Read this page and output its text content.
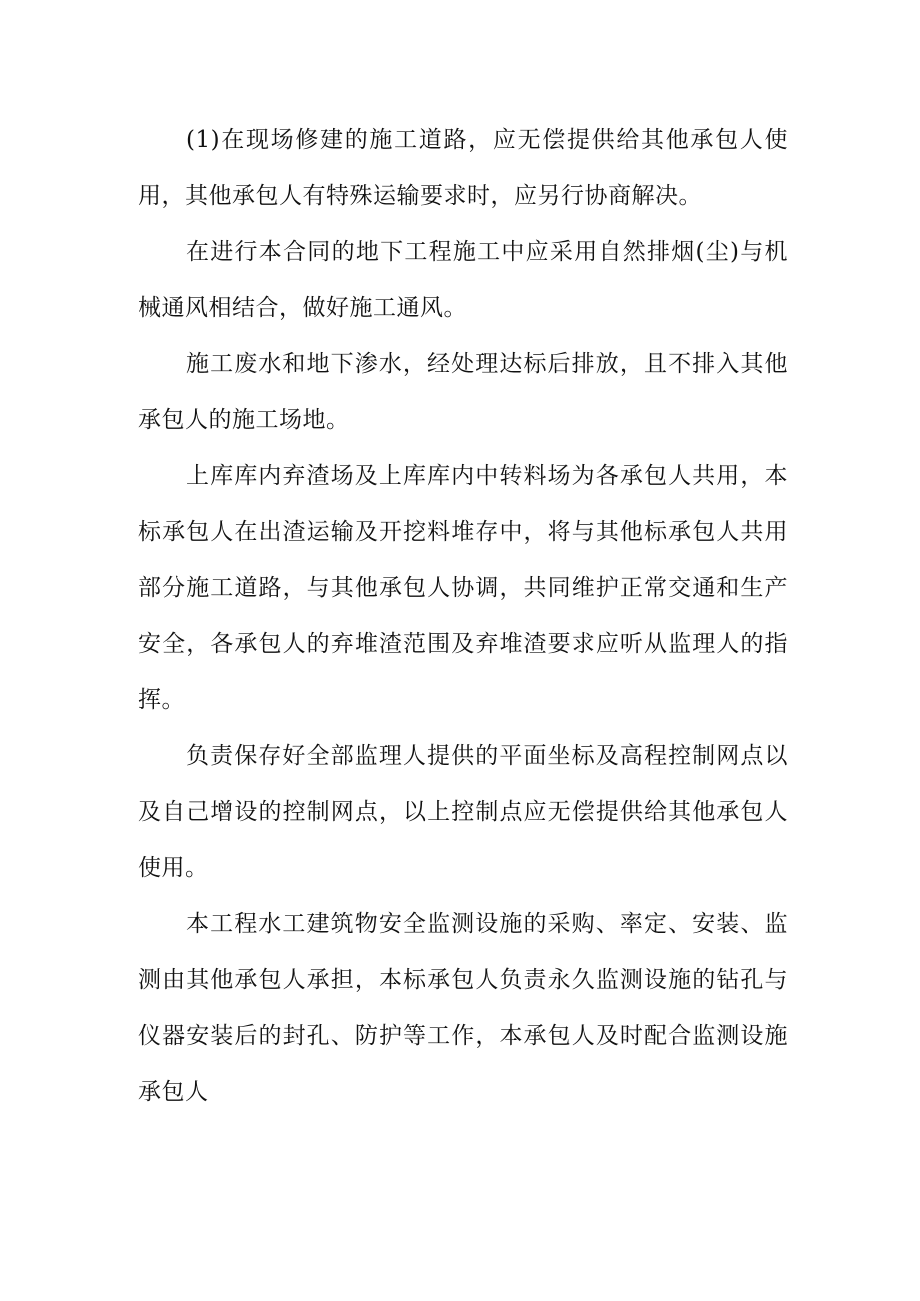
(1)在现场修建的施工道路，应无偿提供给其他承包人使用，其他承包人有特殊运输要求时，应另行协商解决。

在进行本合同的地下工程施工中应采用自然排烟(尘)与机械通风相结合，做好施工通风。

施工废水和地下渗水，经处理达标后排放，且不排入其他承包人的施工场地。

上库库内弃渣场及上库库内中转料场为各承包人共用，本标承包人在出渣运输及开挖料堆存中，将与其他标承包人共用部分施工道路，与其他承包人协调，共同维护正常交通和生产安全，各承包人的弃堆渣范围及弃堆渣要求应听从监理人的指挥。

负责保存好全部监理人提供的平面坐标及高程控制网点以及自己增设的控制网点，以上控制点应无偿提供给其他承包人使用。

本工程水工建筑物安全监测设施的采购、率定、安装、监测由其他承包人承担，本标承包人负责永久监测设施的钻孔与仪器安装后的封孔、防护等工作，本承包人及时配合监测设施承包人
